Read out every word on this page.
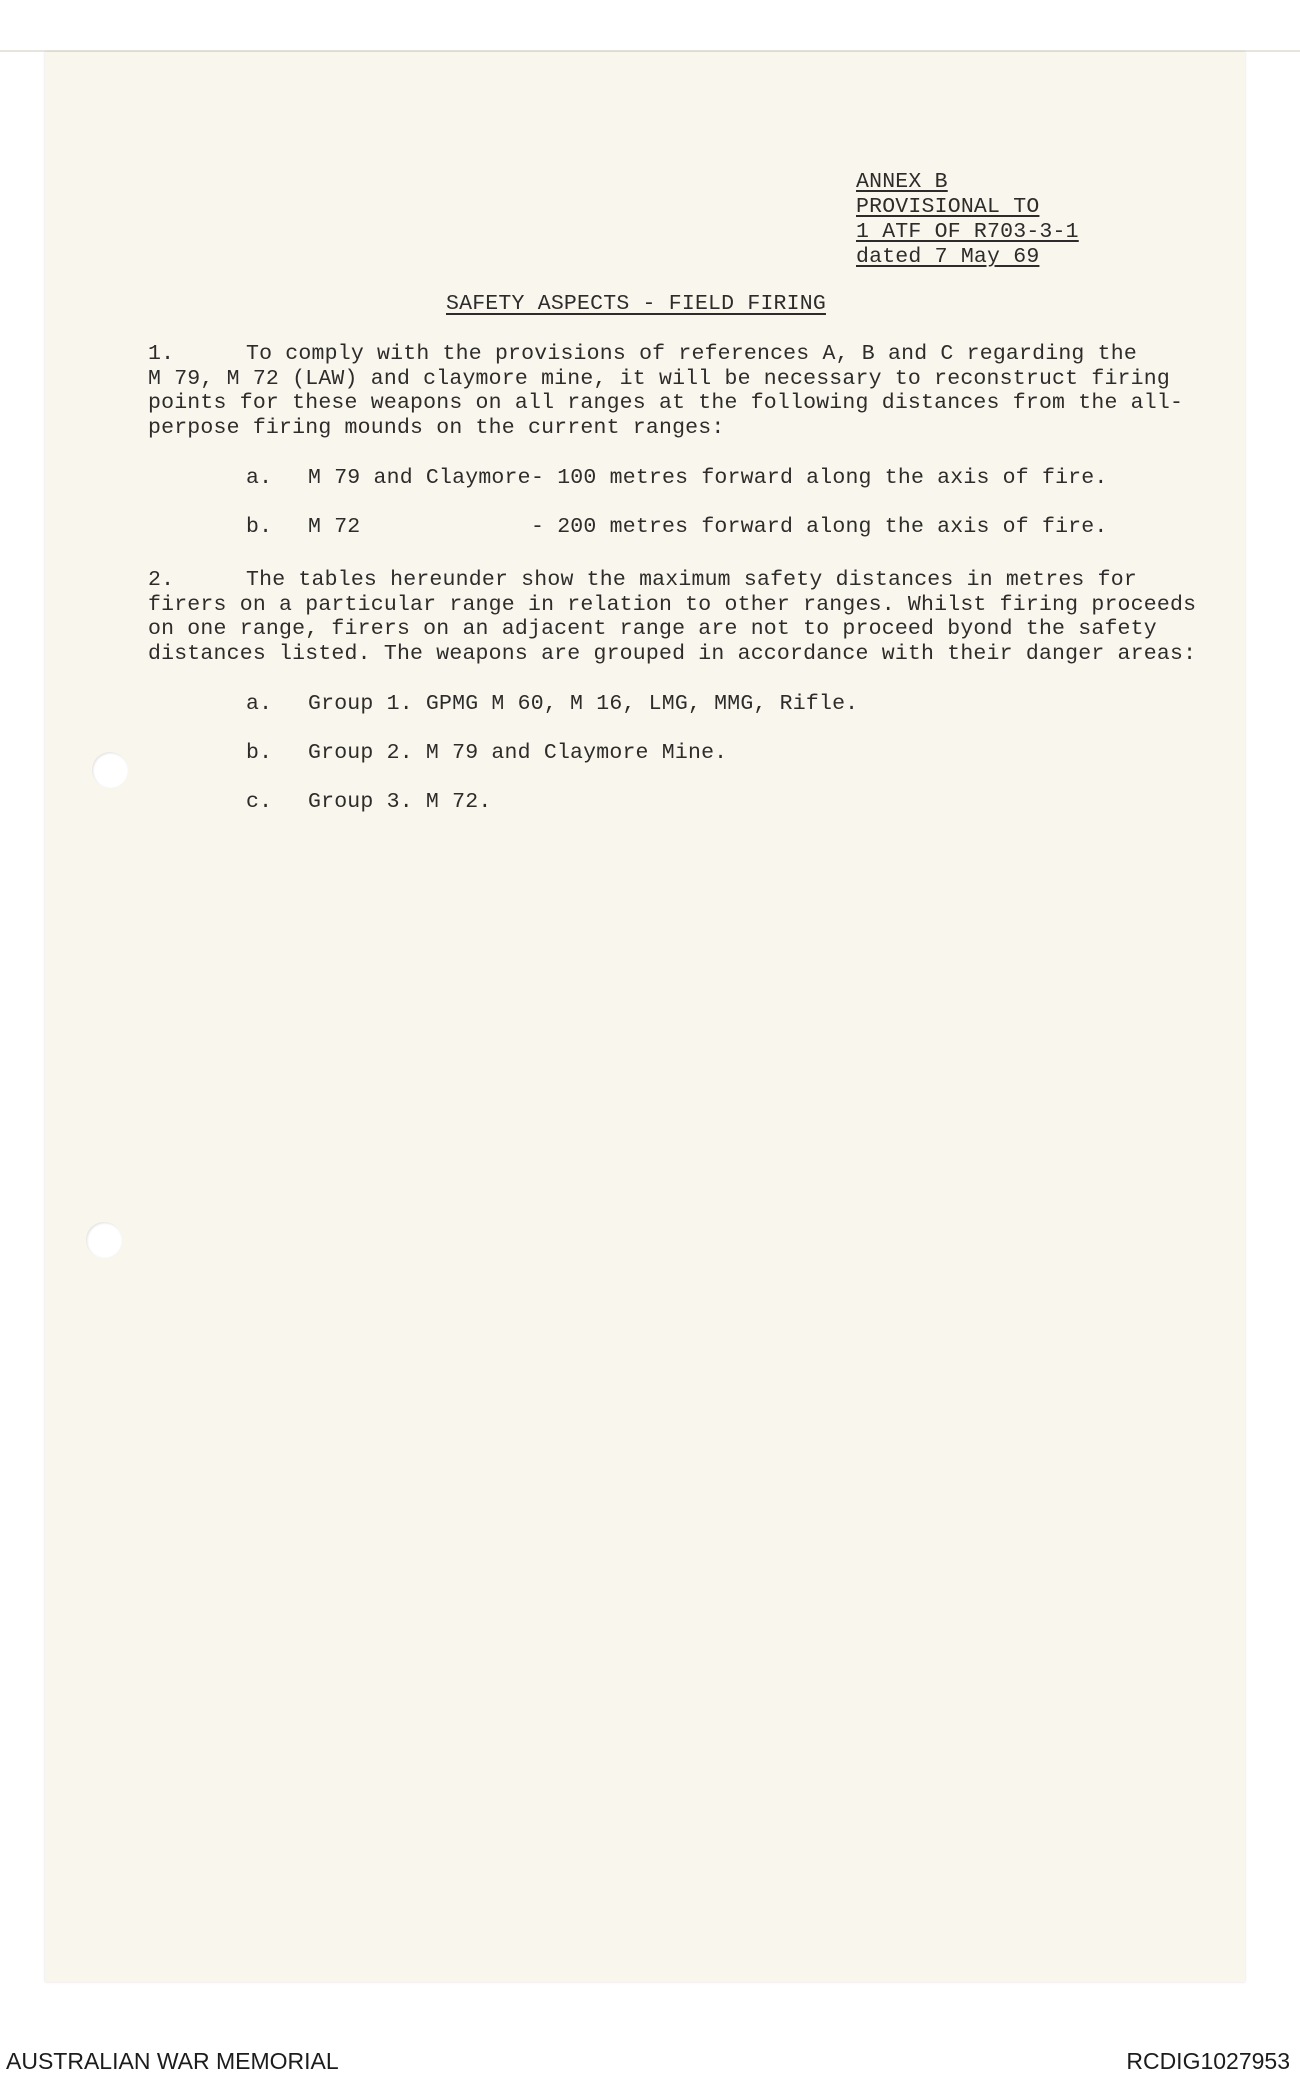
ANNEX B
PROVISIONAL TO
1 ATF OF R703-3-1
dated 7 May 69
SAFETY ASPECTS - FIELD FIRING
1.	To comply with the provisions of references A, B and C regarding the
M 79, M 72 (LAW) and claymore mine, it will be necessary to reconstruct firing
points for these weapons on all ranges at the following distances from the all-
perpose firing mounds on the current ranges:
a. M 79 and Claymore - 100 metres forward along the axis of fire.
b. M 72	- 200 metres forward along the axis of fire.
2.	The tables hereunder show the maximum safety distances in metres for
firers on a particular range in relation to other ranges. Whilst firing proceeds
on one range, firers on an adjacent range are not to proceed byond the safety
distances listed. The weapons are grouped in accordance with their danger areas:
a. Group 1. GPMG M 60, M 16, LMG, MMG, Rifle.
b. Group 2. M 79 and Claymore Mine.
c. Group 3. M 72.
AUSTRALIAN WAR MEMORIAL	RCDIG1027953
